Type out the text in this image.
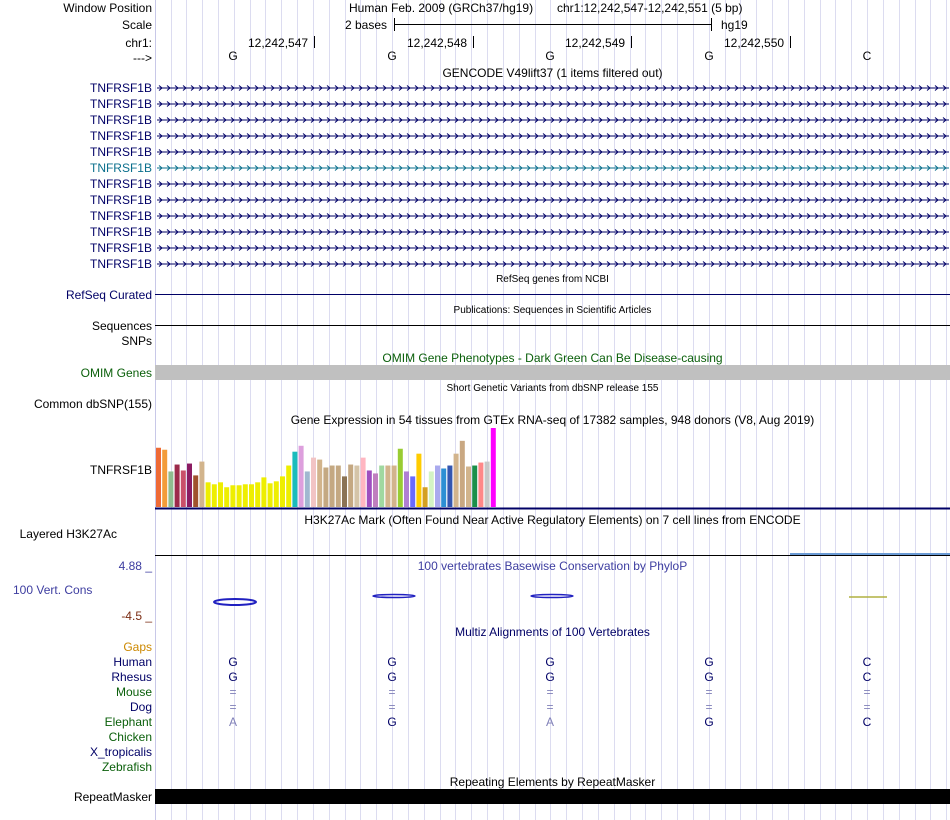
Window Position	Human Feb. 2009 (GRCh37/hg19) chr1:12,242,547-12,242,551 (5 bp)
Scale	2 bases	hg19
chr1:	12,242,547	12,242,548	12,242,549	12,242,550
--->	G	G	G	G	C
GENCODE V49lift37 (1 items filtered out)
TNFRSF1B
TNFRSF1B
TNFRSF1B
TNFRSF1B
TNFRSF1B
TNFRSF1B
TNFRSF1B
TNFRSF1B
TNFRSF1B
TNFRSF1B
TNFRSF1B
TNFRSF1B
RefSeq genes from NCBI
RefSeq Curated
Publications: Sequences in Scientific Articles
Sequences
SNPs
OMIM Gene Phenotypes - Dark Green Can Be Disease-causing
OMIM Genes
Short Genetic Variants from dbSNP release 155
Common dbSNP(155)
Gene Expression in 54 tissues from GTEx RNA-seq of 17382 samples, 948 donors (V8, Aug 2019)
TNFRSF1B
H3K27Ac Mark (Often Found Near Active Regulatory Elements) on 7 cell lines from ENCODE
Layered H3K27Ac
4.88 _	100 vertebrates Basewise Conservation by PhyloP
100 Vert. Cons
-4.5 _
Multiz Alignments of 100 Vertebrates
Gaps
Human	G	G	G	G	C
Rhesus	G	G	G	G	C
Mouse	=	=	=	=	=
Dog	=	=	=	=	=
Elephant	A	G	A	G	C
Chicken
X_tropicalis
Zebrafish
Repeating Elements by RepeatMasker
RepeatMasker
